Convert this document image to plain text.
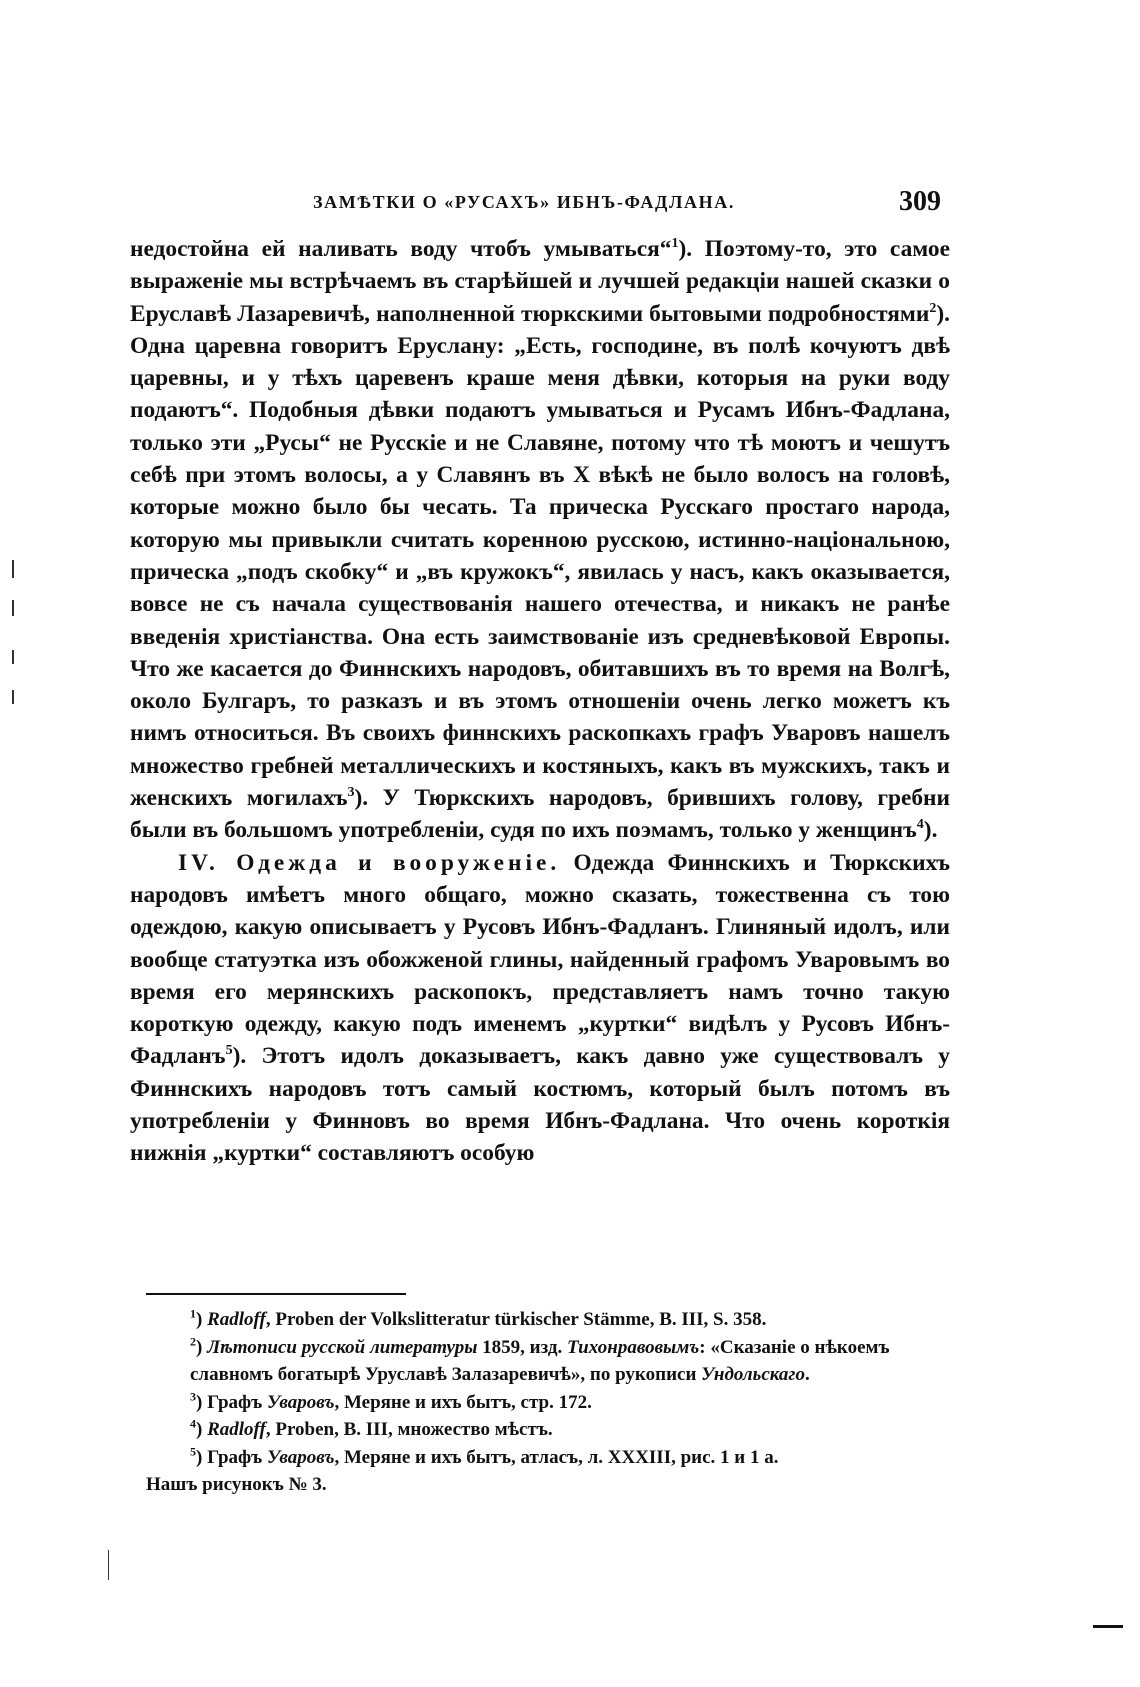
ЗАМѢТКИ О «РУСАХЪ» ИБНЪ-ФАДЛАНА.	309

недостойна ей наливать воду чтобъ умываться“$^1$). Поэтому-то, это самое выраженіе мы встрѣчаемъ въ старѣйшей и лучшей редакціи нашей сказки о Еруславѣ Лазаревичѣ, наполненной тюркскими бытовыми подробностями$^2$). Одна царевна говоритъ Еруслану: „Есть, господине, въ полѣ кочуютъ двѣ царевны, и у тѣхъ царевенъ краше меня дѣвки, которыя на руки воду подаютъ“. Подобныя дѣвки подаютъ умываться и Русамъ Ибнъ-Фадлана, только эти „Русы“ не Русскіе и не Славяне, потому что тѣ моютъ и чешутъ себѣ при этомъ волосы, а у Славянъ въ X вѣкѣ не было волосъ на головѣ, которые можно было бы чесать. Та прическа Русскаго простаго народа, которую мы привыкли считать коренною русскою, истинно-національною, прическа „подъ скобку“ и „въ кружокъ“, явилась у насъ, какъ оказывается, вовсе не съ начала существованія нашего отечества, и никакъ не ранѣе введенія христіанства. Она есть заимствованіе изъ средневѣковой Европы. Что же касается до Финнскихъ народовъ, обитавшихъ въ то время на Волгѣ, около Булгаръ, то разказъ и въ этомъ отношеніи очень легко можетъ къ нимъ относиться. Въ своихъ финнскихъ раскопкахъ графъ Уваровъ нашелъ множество гребней металлическихъ и костяныхъ, какъ въ мужскихъ, такъ и женскихъ могилахъ$^3$). У Тюркскихъ народовъ, брившихъ голову, гребни были въ большомъ употребленіи, судя по ихъ поэмамъ, только у женщинъ$^4$).

IV. Одежда и вооруженіе. Одежда Финнскихъ и Тюркскихъ народовъ имѣетъ много общаго, можно сказать, тожественна съ тою одеждою, какую описываетъ у Русовъ Ибнъ-Фадланъ. Глиняный идолъ, или вообще статуэтка изъ обожженой глины, найденный графомъ Уваровымъ во время его мерянскихъ раскопокъ, представляетъ намъ точно такую короткую одежду, какую подъ именемъ „куртки“ видѣлъ у Русовъ Ибнъ-Фадланъ$^5$). Этотъ идолъ доказываетъ, какъ давно уже существовалъ у Финнскихъ народовъ тотъ самый костюмъ, который былъ потомъ въ употребленіи у Финновъ во время Ибнъ-Фадлана. Что очень короткія нижнія „куртки“ составляютъ особую

$^1$) Radloff, Proben der Volkslitteratur türkischer Stämme, B. III, S. 358.
$^2$) Лѣтописи русской литературы 1859, изд. Тихонравовымъ: «Сказаніе о нѣкоемъ славномъ богатырѣ Уруславѣ Залазаревичѣ», по рукописи Ундольскаго.
$^3$) Графъ Уваровъ, Меряне и ихъ бытъ, стр. 172.
$^4$) Radloff, Proben, B. III, множество мѣстъ.
$^5$) Графъ Уваровъ, Меряне и ихъ бытъ, атласъ, л. XXXIII, рис. 1 и 1 a.
Нашъ рисунокъ № 3.
